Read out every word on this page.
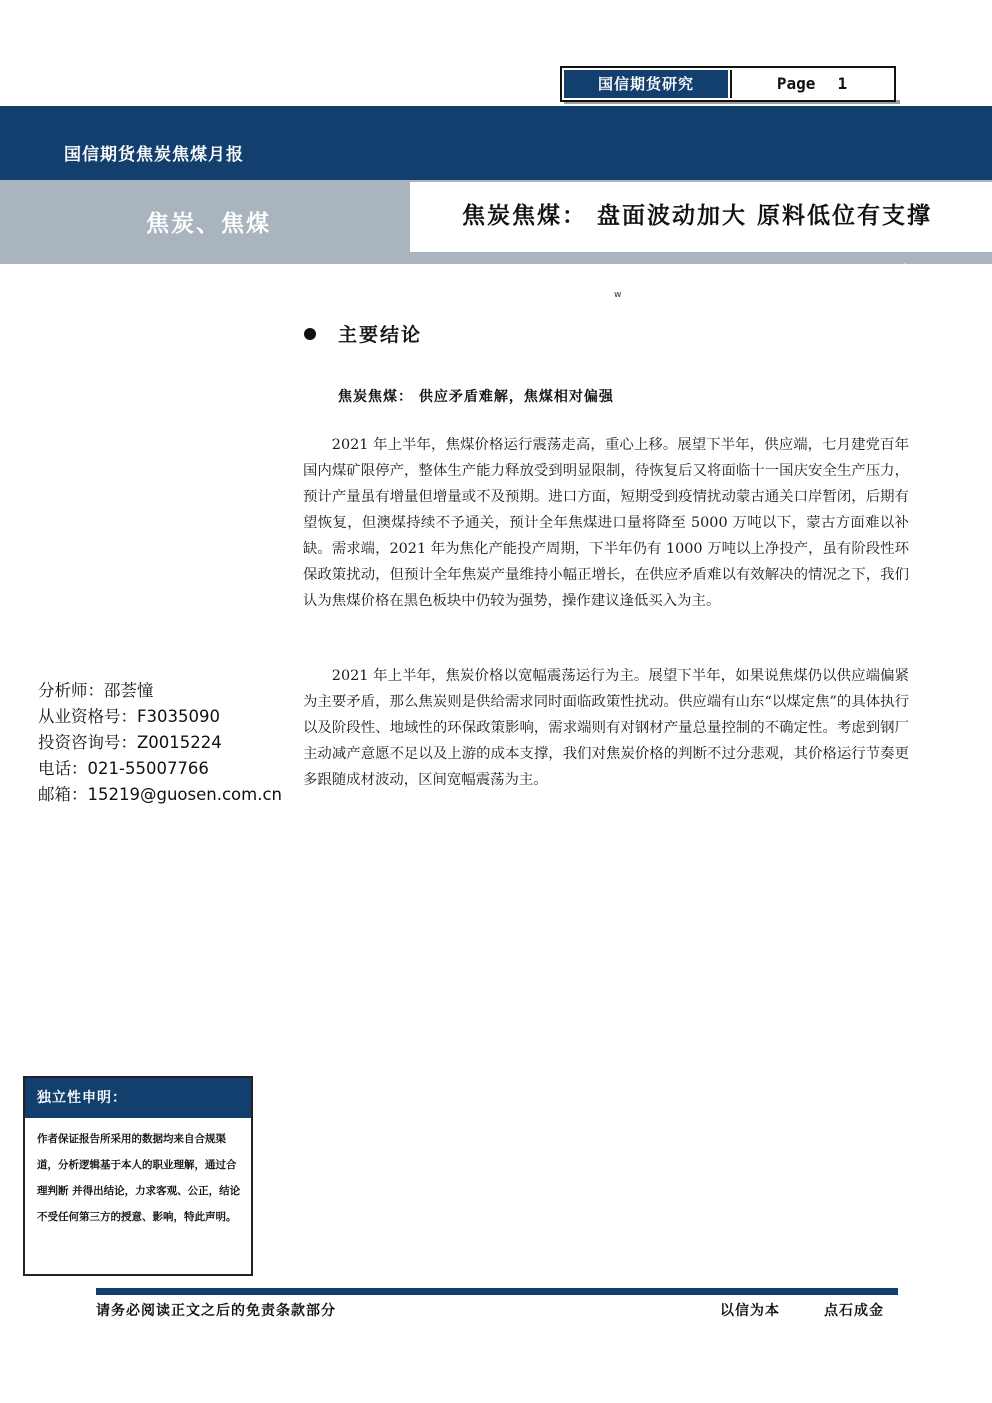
国信期货研究	Page 1
国信期货焦炭焦煤月报
焦炭、焦煤	焦炭焦煤： 盘面波动加大 原料低位有支撑
2021 年 6 月 27 日
w
主要结论
焦炭焦煤： 供应矛盾难解，焦煤相对偏强
2021 年上半年，焦煤价格运行震荡走高，重心上移。展望下半年，供应端，七月建党百年国内煤矿限停产，整体生产能力释放受到明显限制，待恢复后又将面临十一国庆安全生产压力，预计产量虽有增量但增量或不及预期。进口方面，短期受到疫情扰动蒙古通关口岸暂闭，后期有望恢复，但澳煤持续不予通关，预计全年焦煤进口量将降至 5000 万吨以下，蒙古方面难以补缺。需求端，2021 年为焦化产能投产周期，下半年仍有 1000 万吨以上净投产，虽有阶段性环保政策扰动，但预计全年焦炭产量维持小幅正增长，在供应矛盾难以有效解决的情况之下，我们认为焦煤价格在黑色板块中仍较为强势，操作建议逢低买入为主。
2021 年上半年，焦炭价格以宽幅震荡运行为主。展望下半年，如果说焦煤仍以供应端偏紧为主要矛盾，那么焦炭则是供给需求同时面临政策性扰动。供应端有山东“以煤定焦”的具体执行以及阶段性、地域性的环保政策影响，需求端则有对钢材产量总量控制的不确定性。考虑到钢厂主动减产意愿不足以及上游的成本支撑，我们对焦炭价格的判断不过分悲观，其价格运行节奏更多跟随成材波动，区间宽幅震荡为主。
分析师：邵荟憧
从业资格号：F3035090
投资咨询号：Z0015224
电话：021-55007766
邮箱：15219@guosen.com.cn
独立性申明：
作者保证报告所采用的数据均来自合规渠道，分析逻辑基于本人的职业理解，通过合理判断 并得出结论，力求客观、公正，结论不受任何第三方的授意、影响，特此声明。
请务必阅读正文之后的免责条款部分	以信为本	点石成金
